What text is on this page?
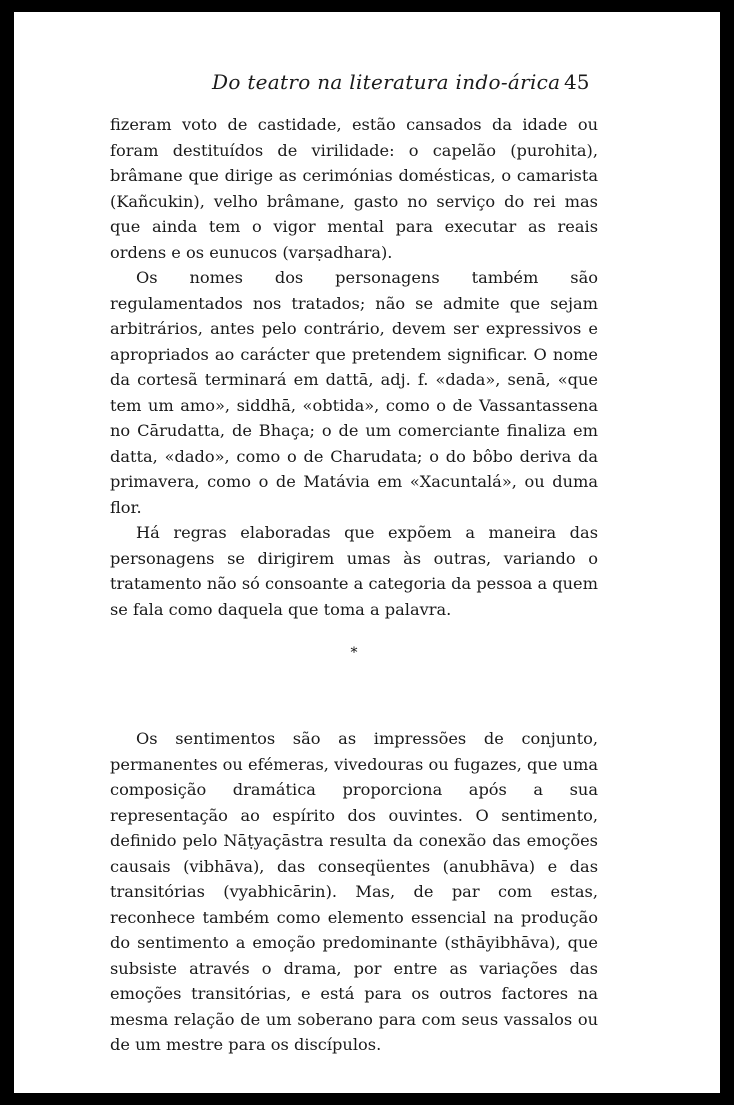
Do teatro na literatura indo-árica 45

fizeram voto de castidade, estão cansados da idade ou foram destituídos de virilidade: o capelão (purohita), brâmane que dirige as cerimónias domésticas, o camarista (Kañcukin), velho brâmane, gasto no serviço do rei mas que ainda tem o vigor mental para executar as reais ordens e os eunucos (varṣadhara).

Os nomes dos personagens também são regulamentados nos tratados; não se admite que sejam arbitrários, antes pelo contrário, devem ser expressivos e apropriados ao carácter que pretendem significar. O nome da cortesã terminará em dattā, adj. f. «dada», senā, «que tem um amo», siddhā, «obtida», como o de Vassantassena no Cārudatta, de Bhaça; o de um comerciante finaliza em datta, «dado», como o de Charudata; o do bôbo deriva da primavera, como o de Matávia em «Xacuntalá», ou duma flor.

Há regras elaboradas que expõem a maneira das personagens se dirigirem umas às outras, variando o tratamento não só consoante a categoria da pessoa a quem se fala como daquela que toma a palavra.

*

Os sentimentos são as impressões de conjunto, permanentes ou efémeras, vivedouras ou fugazes, que uma composição dramática proporciona após a sua representação ao espírito dos ouvintes. O sentimento, definido pelo Nāṭyaçāstra resulta da conexão das emoções causais (vibhāva), das conseqüentes (anubhāva) e das transitórias (vyabhicārin). Mas, de par com estas, reconhece também como elemento essencial na produção do sentimento a emoção predominante (sthāyibhāva), que subsiste através o drama, por entre as variações das emoções transitórias, e está para os outros factores na mesma relação de um soberano para com seus vassalos ou de um mestre para os discípulos.
